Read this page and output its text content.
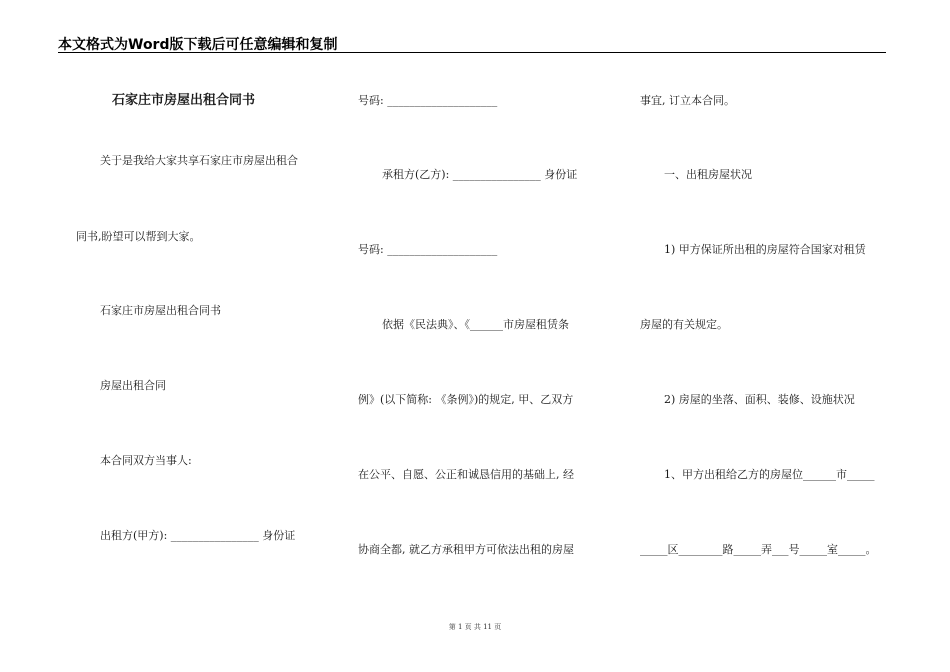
本文格式为Word版下载后可任意编辑和复制
石家庄市房屋出租合同书
关于是我给大家共享石家庄市房屋出租合
同书,盼望可以帮到大家。
石家庄市房屋出租合同书
房屋出租合同
本合同双方当事人:
出租方(甲方): ________________ 身份证
号码: ____________________
承租方(乙方): ________________ 身份证
号码: ____________________
依据《民法典》、《______市房屋租赁条
例》(以下简称: 《条例》)的规定, 甲、乙双方
在公平、自愿、公正和诚恳信用的基础上, 经
协商全都, 就乙方承租甲方可依法出租的房屋
事宜, 订立本合同。
一、出租房屋状况
1) 甲方保证所出租的房屋符合国家对租赁
房屋的有关规定。
2) 房屋的坐落、面积、装修、设施状况
1、甲方出租给乙方的房屋位______市_____
_____区________路_____弄___号_____室_____。
第 1 页 共 11 页
